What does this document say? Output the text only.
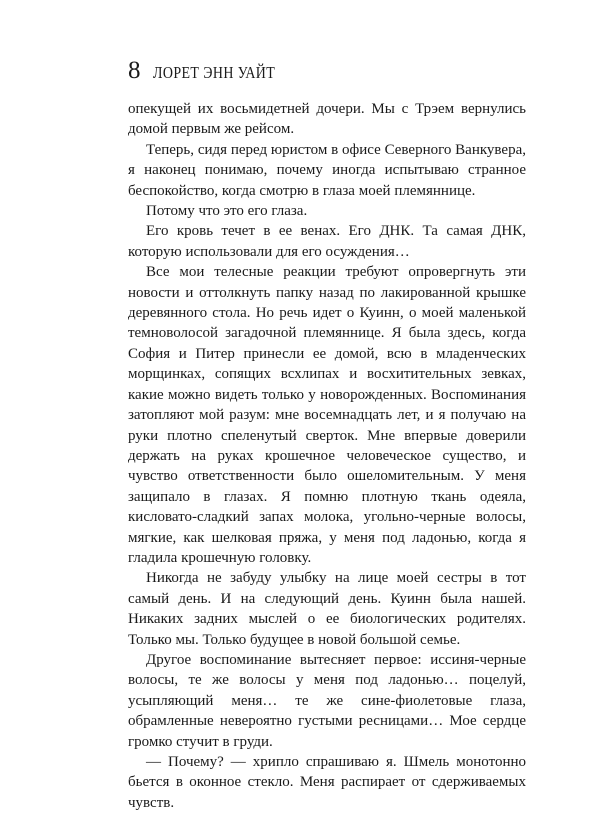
8 ЛОРЕТ ЭНН УАЙТ

опекущей их восьмидетней дочери. Мы с Трэем вернулись домой первым же рейсом.

Теперь, сидя перед юристом в офисе Северного Ванкувера, я наконец понимаю, почему иногда испытываю странное беспокойство, когда смотрю в глаза моей племяннице.

Потому что это его глаза.

Его кровь течет в ее венах. Его ДНК. Та самая ДНК, которую использовали для его осуждения…

Все мои телесные реакции требуют опровергнуть эти новости и оттолкнуть папку назад по лакированной крышке деревянного стола. Но речь идет о Куинн, о моей маленькой темноволосой загадочной племяннице. Я была здесь, когда София и Питер принесли ее домой, всю в младенческих морщинках, сопящих всхлипах и восхитительных зевках, какие можно видеть только у новорожденных. Воспоминания затопляют мой разум: мне восемнадцать лет, и я получаю на руки плотно спеленутый сверток. Мне впервые доверили держать на руках крошечное человеческое существо, и чувство ответственности было ошеломительным. У меня защипало в глазах. Я помню плотную ткань одеяла, кисловато-сладкий запах молока, угольно-черные волосы, мягкие, как шелковая пряжа, у меня под ладонью, когда я гладила крошечную головку.

Никогда не забуду улыбку на лице моей сестры в тот самый день. И на следующий день. Куинн была нашей. Никаких задних мыслей о ее биологических родителях. Только мы. Только будущее в новой большой семье.

Другое воспоминание вытесняет первое: иссиня-черные волосы, те же волосы у меня под ладонью… поцелуй, усыпляющий меня… те же сине-фиолетовые глаза, обрамленные невероятно густыми ресницами… Мое сердце громко стучит в груди.

— Почему? — хрипло спрашиваю я. Шмель монотонно бьется в оконное стекло. Меня распирает от сдерживаемых чувств.
